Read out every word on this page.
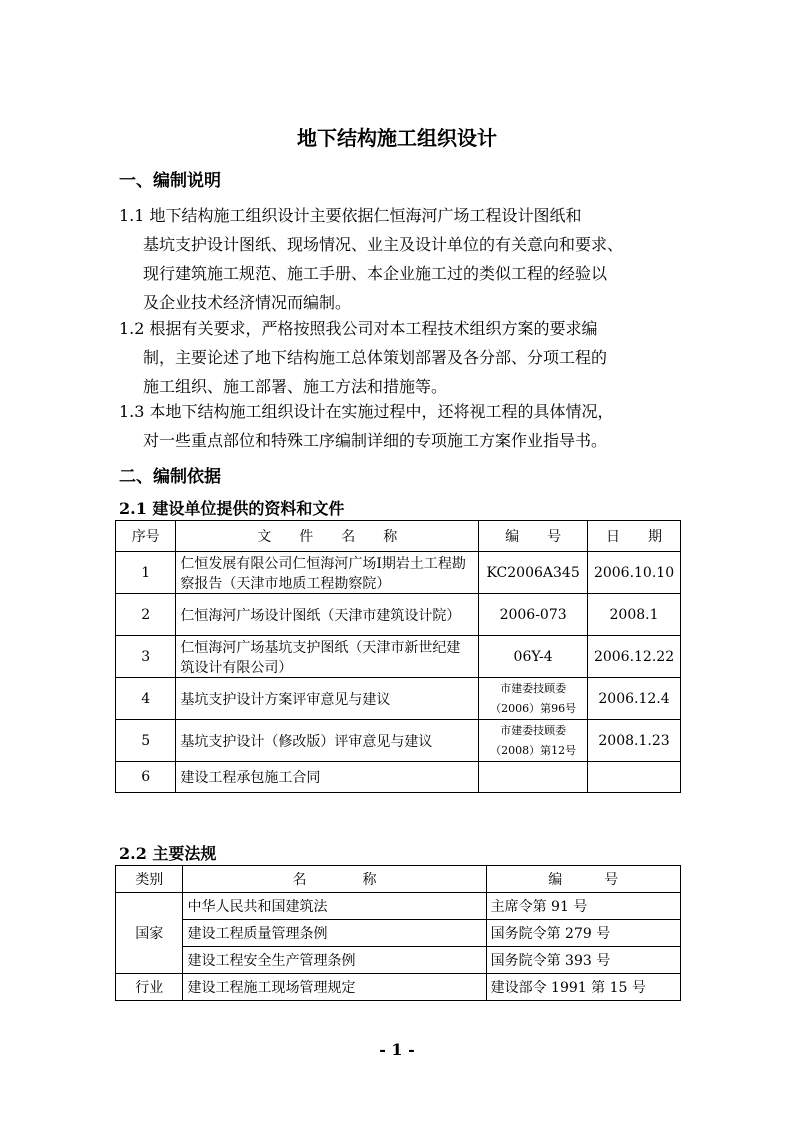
地下结构施工组织设计
一、编制说明
1.1 地下结构施工组织设计主要依据仁恒海河广场工程设计图纸和
基坑支护设计图纸、现场情况、业主及设计单位的有关意向和要求、
现行建筑施工规范、施工手册、本企业施工过的类似工程的经验以
及企业技术经济情况而编制。
1.2 根据有关要求，严格按照我公司对本工程技术组织方案的要求编
制，主要论述了地下结构施工总体策划部署及各分部、分项工程的
施工组织、施工部署、施工方法和措施等。
1.3 本地下结构施工组织设计在实施过程中，还将视工程的具体情况，
对一些重点部位和特殊工序编制详细的专项施工方案作业指导书。
二、编制依据
2.1 建设单位提供的资料和文件
序号	文　　件　　名　　称	编　　号	日　　期
1	仁恒发展有限公司仁恒海河广场Ⅰ期岩土工程勘察报告（天津市地质工程勘察院）	KC2006A345	2006.10.10
2	仁恒海河广场设计图纸（天津市建筑设计院）	2006-073	2008.1
3	仁恒海河广场基坑支护图纸（天津市新世纪建筑设计有限公司）	06Y-4	2006.12.22
4	基坑支护设计方案评审意见与建议	市建委技顾委（2006）第96号	2006.12.4
5	基坑支护设计（修改版）评审意见与建议	市建委技顾委（2008）第12号	2008.1.23
6	建设工程承包施工合同		
2.2 主要法规
类别	名　　　　称	编　　　号
国家	中华人民共和国建筑法	主席令第 91 号
	建设工程质量管理条例	国务院令第 279 号
	建设工程安全生产管理条例	国务院令第 393 号
行业	建设工程施工现场管理规定	建设部令 1991 第 15 号
- 1 -
